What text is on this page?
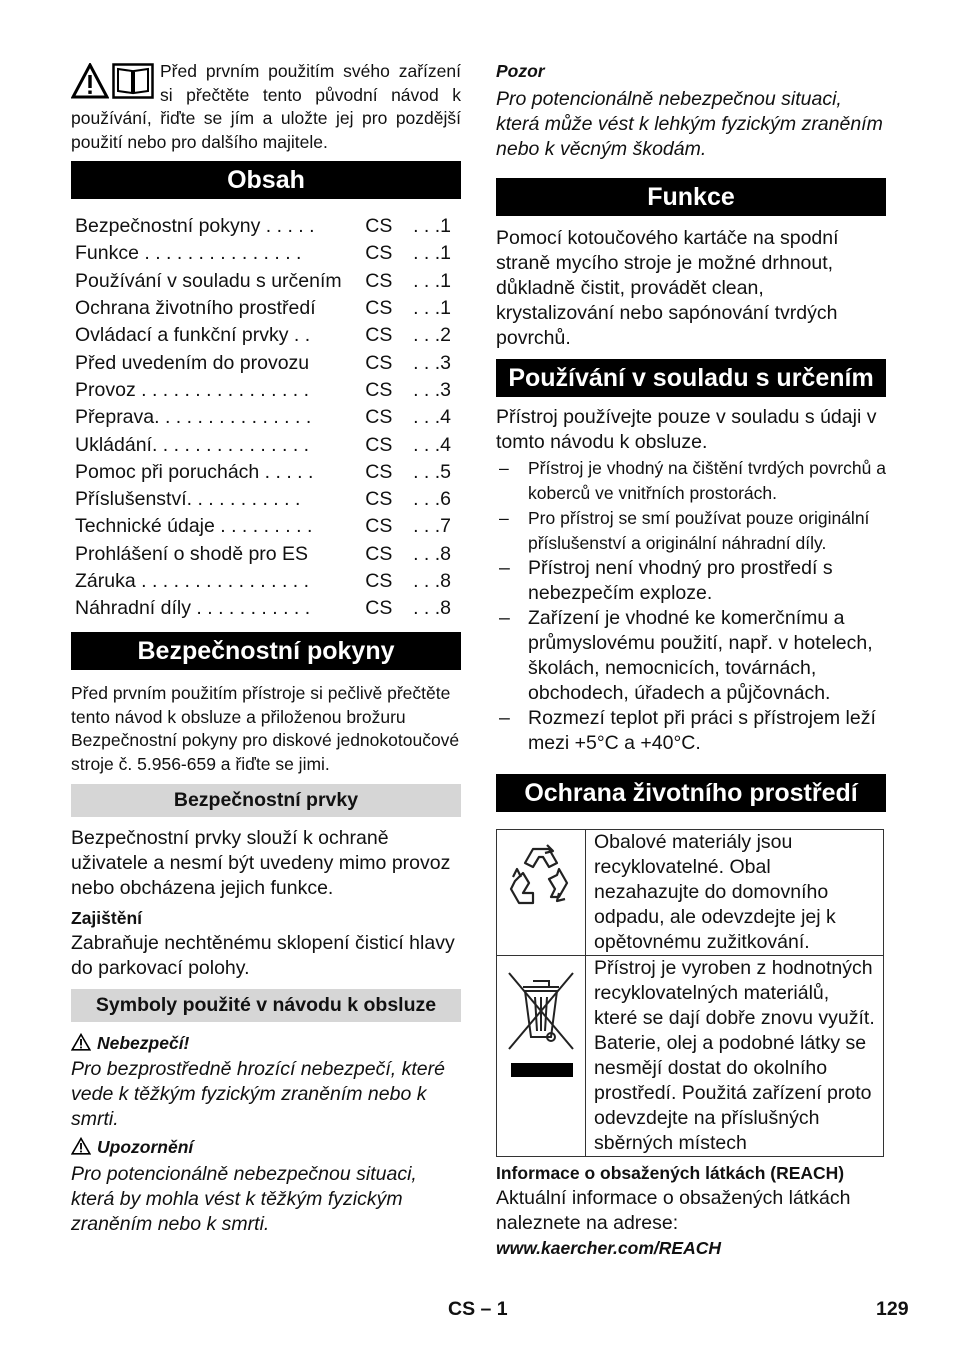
Před prvním použitím svého zařízení si přečtěte tento původní návod k používání, řiďte se jím a uložte jej pro pozdější použití nebo pro dalšího majitele.

Obsah
Bezpečnostní pokyny . . . . .	CS	. . .1
Funkce . . . . . . . . . . . . . . .	CS	. . .1
Používání v souladu s určením	CS	. . .1
Ochrana životního prostředí	CS	. . .1
Ovládací a funkční prvky . .	CS	. . .2
Před uvedením do provozu	CS	. . .3
Provoz . . . . . . . . . . . . . . . .	CS	. . .3
Přeprava. . . . . . . . . . . . . . .	CS	. . .4
Ukládání. . . . . . . . . . . . . . .	CS	. . .4
Pomoc při poruchách . . . . .	CS	. . .5
Příslušenství. . . . . . . . . . .	CS	. . .6
Technické údaje . . . . . . . . .	CS	. . .7
Prohlášení o shodě pro ES	CS	. . .8
Záruka . . . . . . . . . . . . . . . .	CS	. . .8
Náhradní díly . . . . . . . . . . .	CS	. . .8
Bezpečnostní pokyny

Před prvním použitím přístroje si pečlivě přečtěte tento návod k obsluze a přiloženou brožuru Bezpečnostní pokyny pro diskové jednokotoučové stroje č. 5.956-659 a řiďte se jimi.

Bezpečnostní prvky

Bezpečnostní prvky slouží k ochraně uživatele a nesmí být uvedeny mimo provoz nebo obcházena jejich funkce.

Zajištění

Zabraňuje nechtěnému sklopení čisticí hlavy do parkovací polohy.

Symboly použité v návodu k obsluze

Nebezpečí!

Pro bezprostředně hrozící nebezpečí, které vede k těžkým fyzickým zraněním nebo k smrti.

Upozornění

Pro potencionálně nebezpečnou situaci, která by mohla vést k těžkým fyzickým zraněním nebo k smrti.

Pozor

Pro potencionálně nebezpečnou situaci, která může vést k lehkým fyzickým zraněním nebo k věcným škodám.

Funkce

Pomocí kotoučového kartáče na spodní straně mycího stroje je možné drhnout, důkladně čistit, provádět clean, krystalizování nebo sapónování tvrdých povrchů.

Používání v souladu s určením

Přístroj používejte pouze v souladu s údaji v tomto návodu k obsluze.

– Přístroj je vhodný na čištění tvrdých povrchů a koberců ve vnitřních prostorách.
– Pro přístroj se smí používat pouze originální příslušenství a originální náhradní díly.
– Přístroj není vhodný pro prostředí s nebezpečím exploze.
– Zařízení je vhodné ke komerčnímu a průmyslovému použití, např. v hotelech, školách, nemocnicích, továrnách, obchodech, úřadech a půjčovnách.
– Rozmezí teplot při práci s přístrojem leží mezi +5°C a +40°C.
Ochrana životního prostředí
	Obalové materiály jsou recyklovatelné. Obal nezahazujte do domovního odpadu, ale odevzdejte jej k opětovnému zužitkování.
	Přístroj je vyroben z hodnotných recyklovatelných materiálů, které se dají dobře znovu využít. Baterie, olej a podobné látky se nesmějí dostat do okolního prostředí. Použitá zařízení proto odevzdejte na příslušných sběrných místech

Informace o obsažených látkách (REACH)

Aktuální informace o obsažených látkách naleznete na adrese:

www.kaercher.com/REACH

CS – 1	129
